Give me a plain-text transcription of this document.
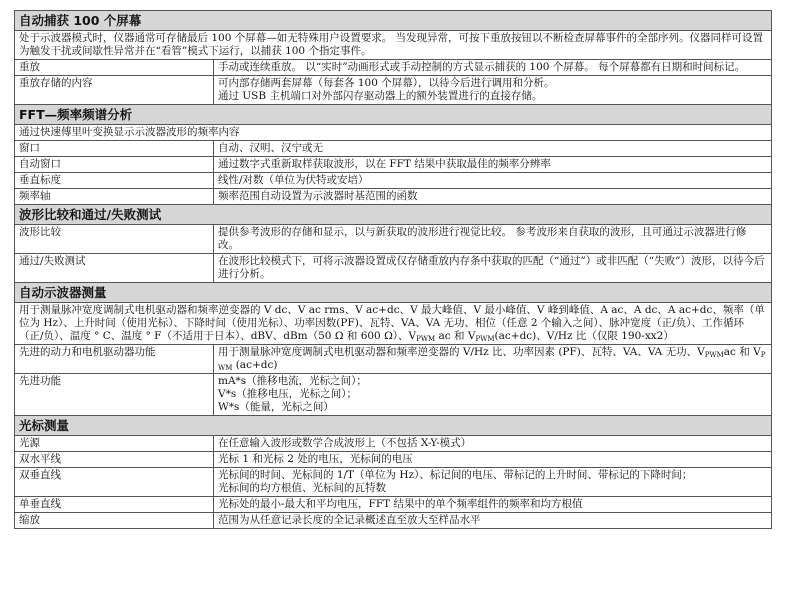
自动捕获 100 个屏幕	
处于示波器模式时，仪器通常可存储最后 100 个屏幕—如无特殊用户设置要求。 当发现异常，可按下重放按钮以不断检查屏幕事件的全部序列。仪器同样可设置为触发干扰或间歇性异常并在“看管”模式下运行，以捕获 100 个指定事件。	
重放	手动或连续重放。 以“实时”动画形式或手动控制的方式显示捕获的 100 个屏幕。 每个屏幕都有日期和时间标记。
重放存储的内容	可内部存储两套屏幕（每套各 100 个屏幕），以待今后进行调用和分析。
通过 USB 主机端口对外部闪存驱动器上的额外装置进行的直接存储。

FFT—频率频谱分析	
通过快速傅里叶变换显示示波器波形的频率内容	
窗口	自动、汉明、汉宁或无
自动窗口	通过数字式重新取样获取波形，以在 FFT 结果中获取最佳的频率分辨率
垂直标度	线性/对数（单位为伏特或安培）
频率轴	频率范围自动设置为示波器时基范围的函数
波形比较和通过/失败测试	
波形比较	提供参考波形的存储和显示，以与新获取的波形进行视觉比较。 参考波形来自获取的波形，且可通过示波器进行修改。
通过/失败测试	在波形比较模式下，可将示波器设置成仅存储重放内存条中获取的匹配（“通过”）或非匹配（“失败”）波形，以待今后进行分析。
自动示波器测量	
用于测量脉冲宽度调制式电机驱动器和频率逆变器的 V dc、V ac rms、V ac+dc、V 最大峰值、V 最小峰值、V 峰到峰值、A ac、A dc、A ac+dc、频率（单位为 Hz）、上升时间（使用光标）、下降时间（使用光标）、功率因数(PF)、瓦特、VA、VA 无功、相位（任意 2 个输入之间）、脉冲宽度（正/负）、工作循环（正/负）、温度 ° C、温度 ° F（不适用于日本）、dBV、dBm（50 Ω 和 600 Ω）、$V_{PWM}$ ac 和 $V_{PWM}(ac+dc)$、V/Hz 比（仅限 190-xx2）	
先进的动力和电机驱动器功能	用于测量脉冲宽度调制式电机驱动器和频率逆变器的 V/Hz 比、功率因素 (PF)、瓦特、VA、VA 无功、$V_{PWM}ac$ 和 $V_{PWM}$ (ac+dc)
先进功能	mA*s（推移电流，光标之间）；
V*s（推移电压，光标之间）；
W*s（能量，光标之间）

光标测量	
光源	在任意输入波形或数学合成波形上（不包括 X-Y-模式）
双水平线	光标 1 和光标 2 处的电压，光标间的电压
双垂直线	光标间的时间、光标间的 1/T（单位为 Hz）、标记间的电压、带标记的上升时间、带标记的下降时间；
光标间的均方根值、光标间的瓦特数

单垂直线	光标处的最小-最大和平均电压，FFT 结果中的单个频率组件的频率和均方根值
缩放	范围为从任意记录长度的全记录概述直至放大至样品水平
